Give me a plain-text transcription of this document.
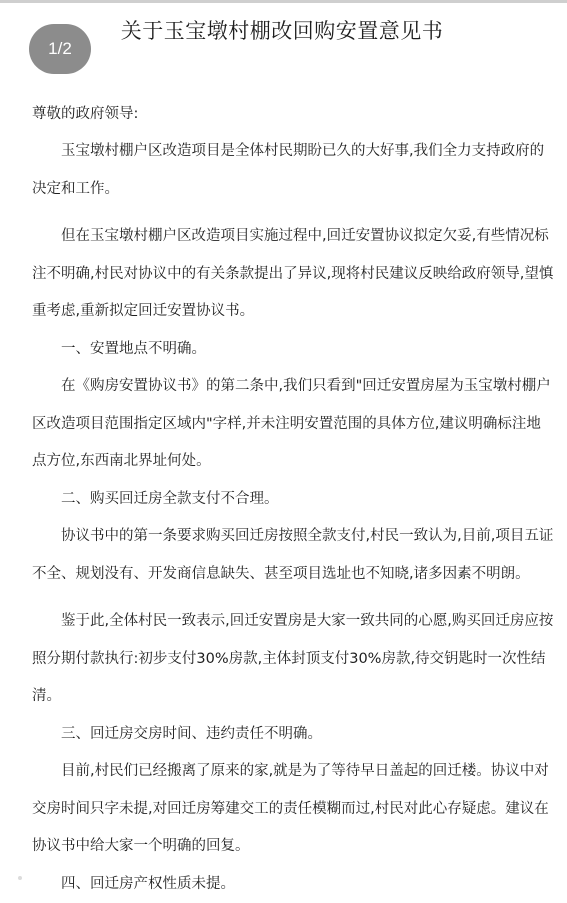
关于玉宝墩村棚改回购安置意见书
1/2

尊敬的政府领导:

玉宝墩村棚户区改造项目是全体村民期盼已久的大好事,我们全力支持政府的决定和工作。

但在玉宝墩村棚户区改造项目实施过程中,回迁安置协议拟定欠妥,有些情况标注不明确,村民对协议中的有关条款提出了异议,现将村民建议反映给政府领导,望慎重考虑,重新拟定回迁安置协议书。

一、安置地点不明确。

在《购房安置协议书》的第二条中,我们只看到"回迁安置房屋为玉宝墩村棚户区改造项目范围指定区域内"字样,并未注明安置范围的具体方位,建议明确标注地点方位,东西南北界址何处。

二、购买回迁房全款支付不合理。

协议书中的第一条要求购买回迁房按照全款支付,村民一致认为,目前,项目五证不全、规划没有、开发商信息缺失、甚至项目选址也不知晓,诸多因素不明朗。

鉴于此,全体村民一致表示,回迁安置房是大家一致共同的心愿,购买回迁房应按照分期付款执行:初步支付30%房款,主体封顶支付30%房款,待交钥匙时一次性结清。

三、回迁房交房时间、违约责任不明确。

目前,村民们已经搬离了原来的家,就是为了等待早日盖起的回迁楼。协议中对交房时间只字未提,对回迁房筹建交工的责任模糊而过,村民对此心存疑虑。建议在协议书中给大家一个明确的回复。

四、回迁房产权性质未提。
